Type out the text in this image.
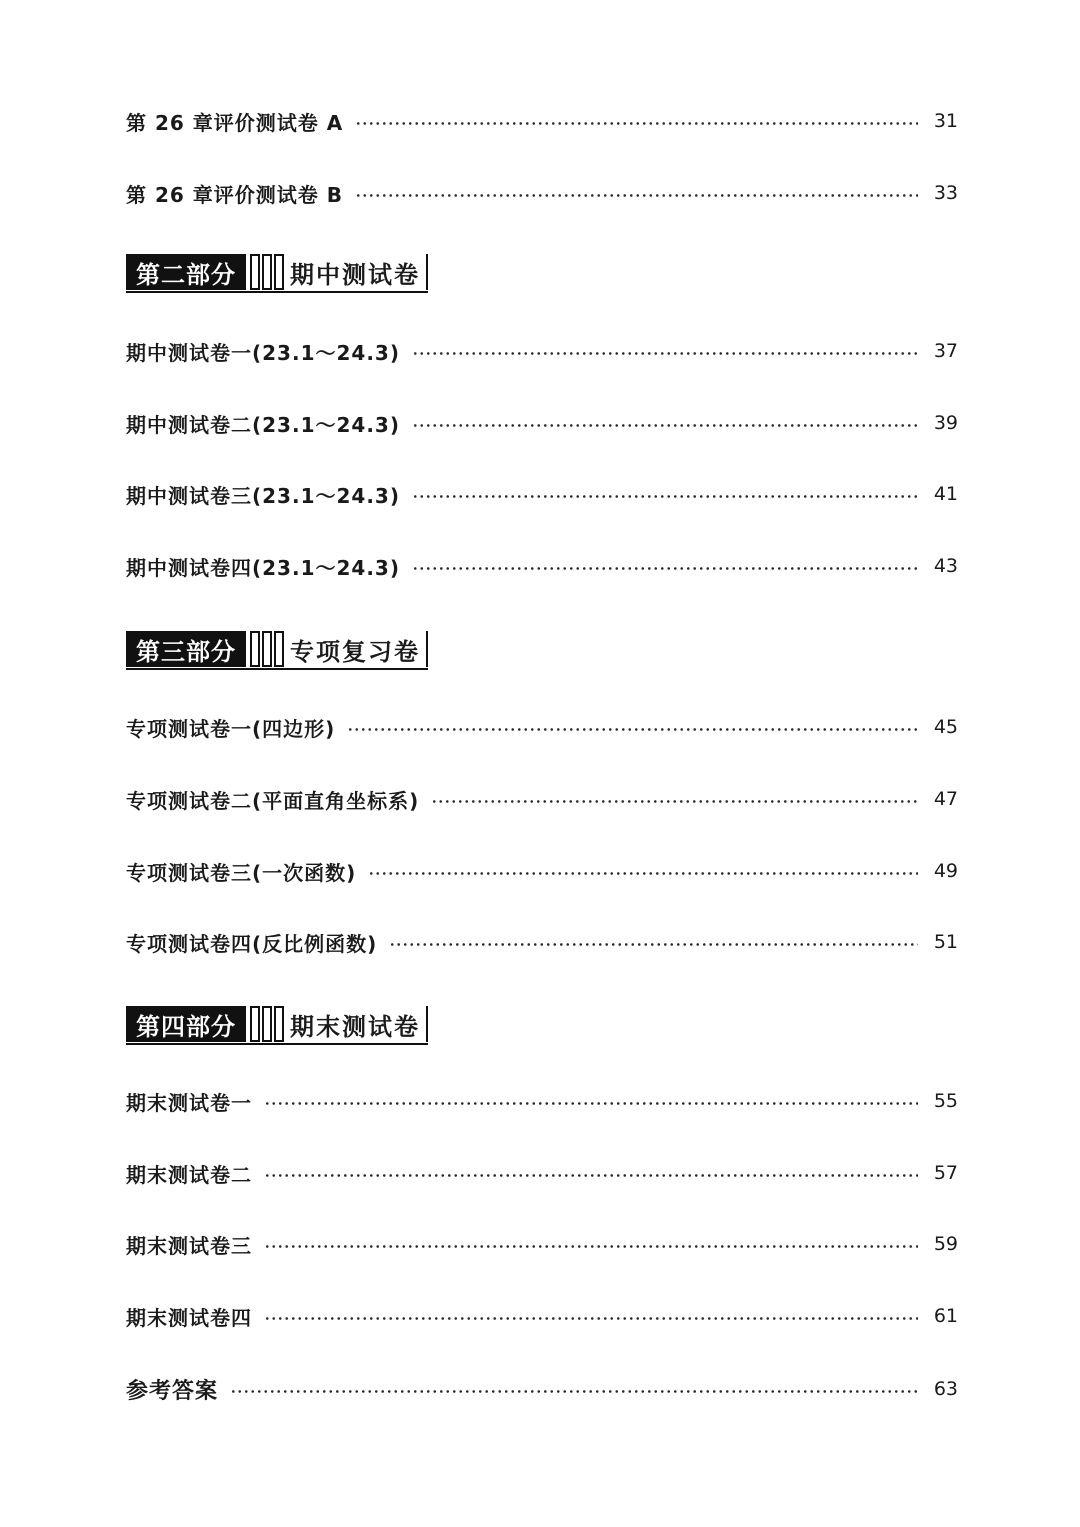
第 26 章评价测试卷 A	31
第 26 章评价测试卷 B	33
第二部分	期中测试卷
期中测试卷一(23.1～24.3)	37
期中测试卷二(23.1～24.3)	39
期中测试卷三(23.1～24.3)	41
期中测试卷四(23.1～24.3)	43
第三部分	专项复习卷
专项测试卷一(四边形)	45
专项测试卷二(平面直角坐标系)	47
专项测试卷三(一次函数)	49
专项测试卷四(反比例函数)	51
第四部分	期末测试卷
期末测试卷一	55
期末测试卷二	57
期末测试卷三	59
期末测试卷四	61
参考答案	63
